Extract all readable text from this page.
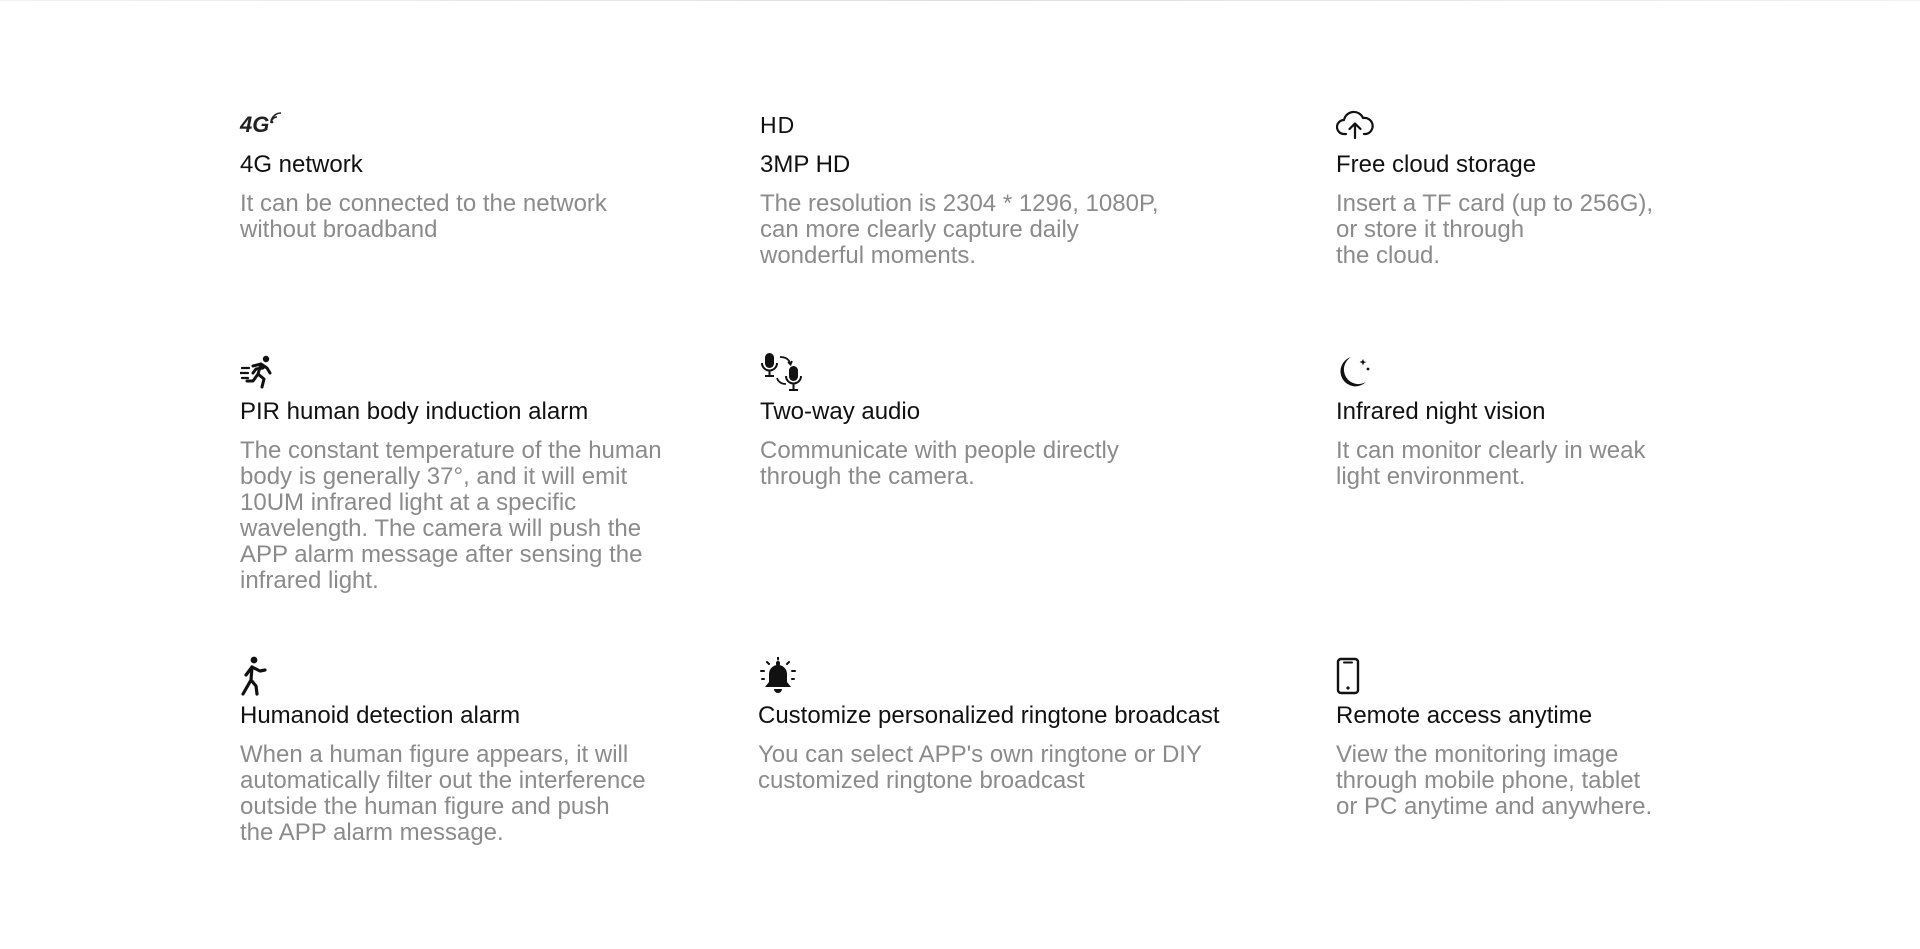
4G
4G network

It can be connected to the network
without broadband

HD
3MP HD

The resolution is 2304 * 1296, 1080P,
can more clearly capture daily
wonderful moments.

Free cloud storage

Insert a TF card (up to 256G),
or store it through
the cloud.

PIR human body induction alarm

The constant temperature of the human
body is generally 37°, and it will emit
10UM infrared light at a specific
wavelength. The camera will push the
APP alarm message after sensing the
infrared light.

Two-way audio

Communicate with people directly
through the camera.

Infrared night vision

It can monitor clearly in weak
light environment.

Humanoid detection alarm

When a human figure appears, it will
automatically filter out the interference
outside the human figure and push
the APP alarm message.

Customize personalized ringtone broadcast

You can select APP's own ringtone or DIY
customized ringtone broadcast

Remote access anytime

View the monitoring image
through mobile phone, tablet
or PC anytime and anywhere.
